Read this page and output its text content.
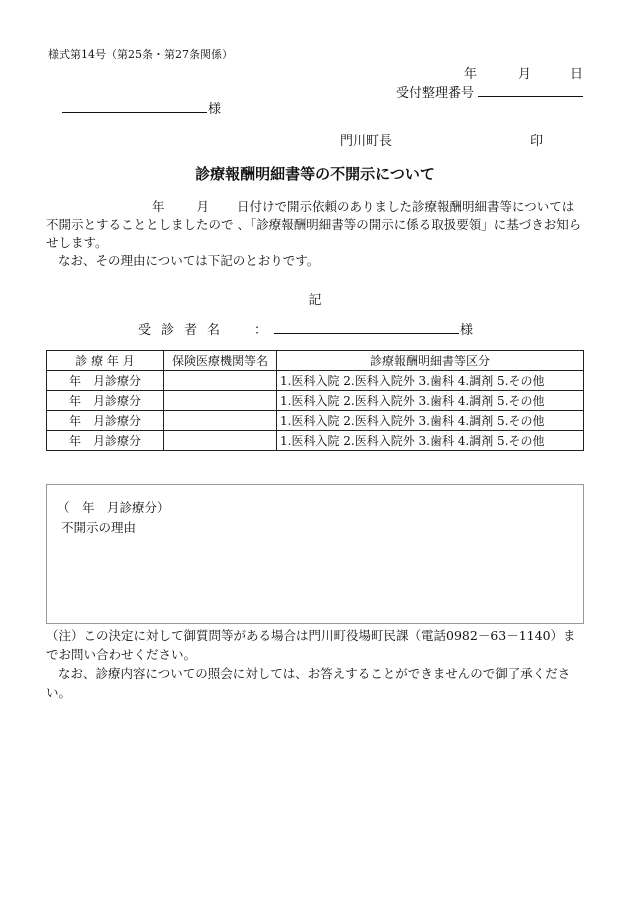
様式第14号（第25条・第27条関係）
年	月	日
受付整理番号
様
門川町長	印
診療報酬明細書等の不開示について

年	月 日付けで開示依頼のありました診療報酬明細書等については不開示とすることとしましたので 、「診療報酬明細書等の開示に係る取扱要領」に基づきお知らせします。

なお、その理由については下記のとおりです。

記
受診者名 ：	様
診 療 年 月	保険医療機関等名	診療報酬明細書等区分
年　月診療分		1.医科入院 2.医科入院外 3.歯科 4.調剤 5.その他
年　月診療分		1.医科入院 2.医科入院外 3.歯科 4.調剤 5.その他
年　月診療分		1.医科入院 2.医科入院外 3.歯科 4.調剤 5.その他
年　月診療分		1.医科入院 2.医科入院外 3.歯科 4.調剤 5.その他
（　年　月診療分）
不開示の理由

（注）この決定に対して御質問等がある場合は門川町役場町民課（電話0982－63－1140）までお問い合わせください。

なお、診療内容についての照会に対しては、お答えすることができませんので御了承ください。
